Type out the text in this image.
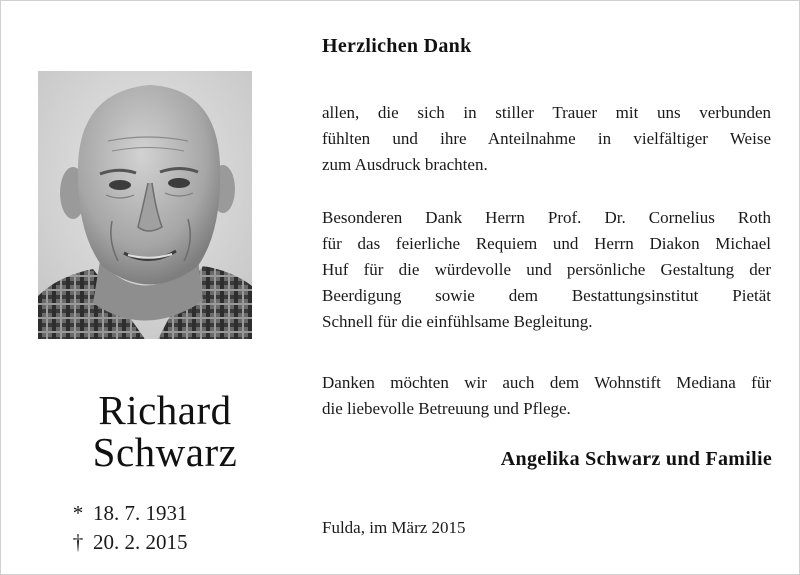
Richard
Schwarz
* 18. 7. 1931
† 20. 2. 2015
Herzlichen Dank
allen, die sich in stiller Trauer mit uns verbunden
fühlten und ihre Anteilnahme in vielfältiger Weise
zum Ausdruck brachten.
Besonderen Dank Herrn Prof. Dr. Cornelius Roth
für das feierliche Requiem und Herrn Diakon Michael
Huf für die würdevolle und persönliche Gestaltung der
Beerdigung sowie dem Bestattungsinstitut Pietät
Schnell für die einfühlsame Begleitung.
Danken möchten wir auch dem Wohnstift Mediana für
die liebevolle Betreuung und Pflege.
Angelika Schwarz und Familie
Fulda, im März 2015
